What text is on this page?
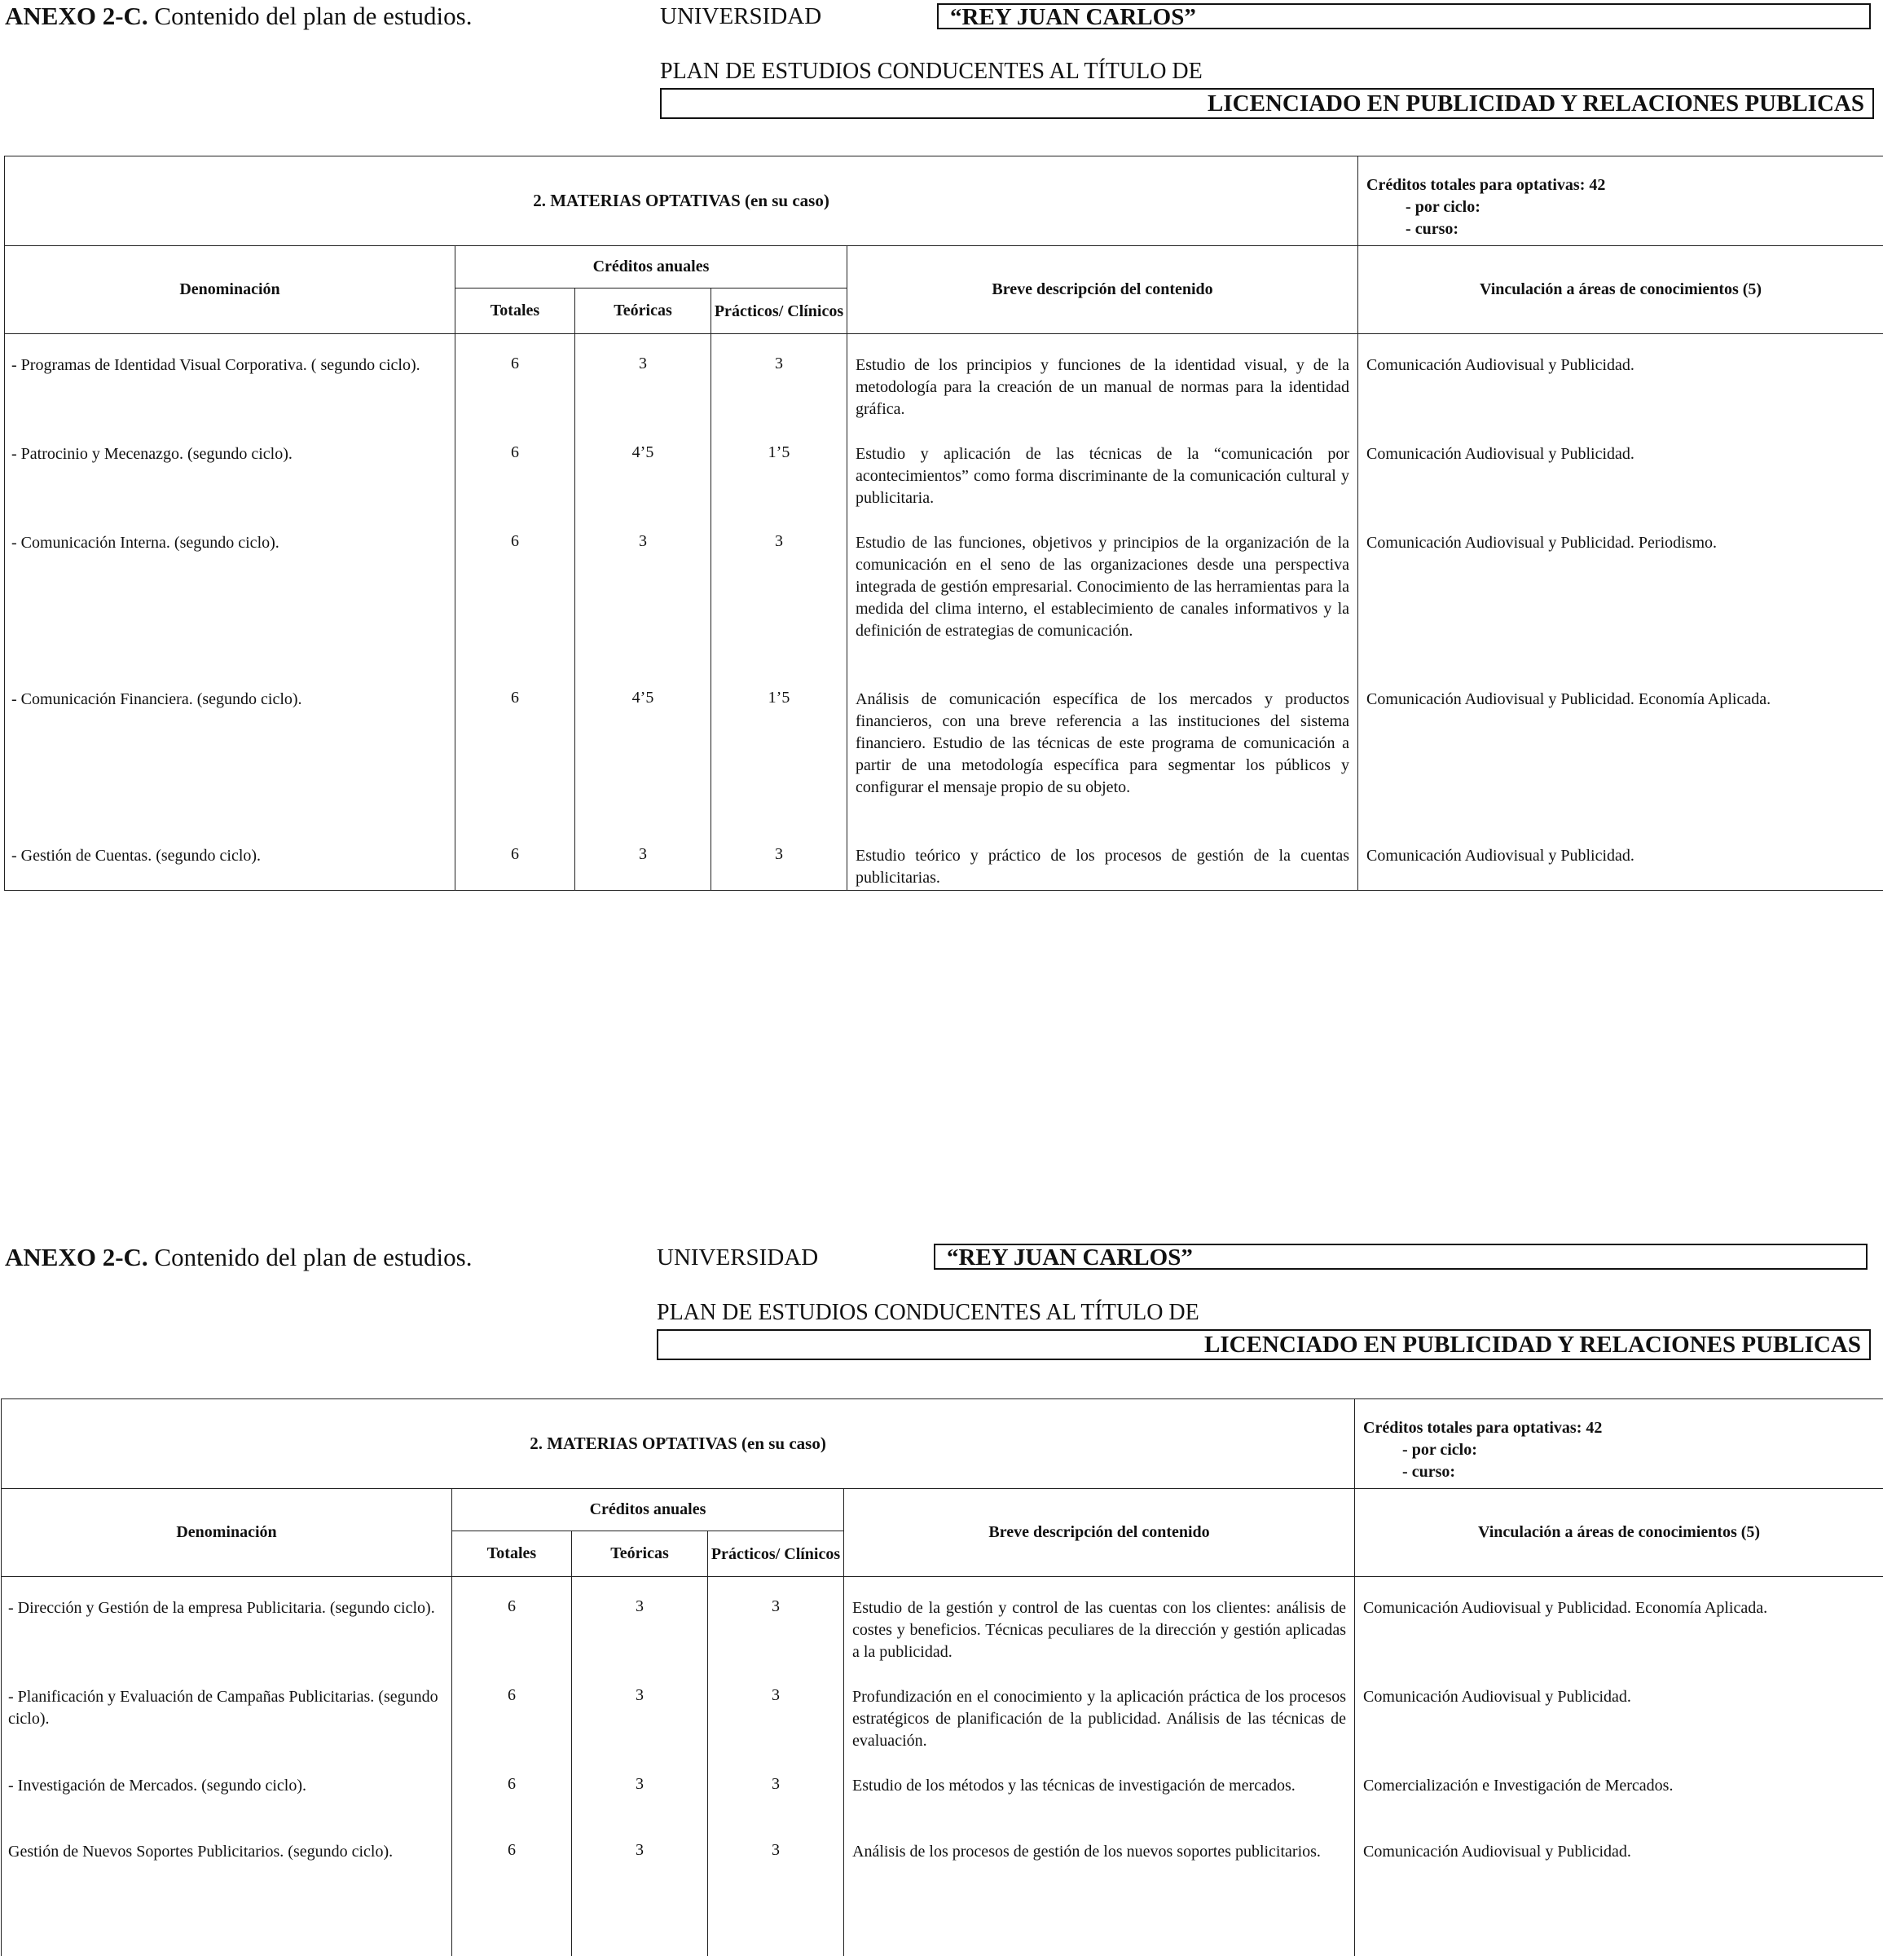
ANEXO 2-C. Contenido del plan de estudios.	UNIVERSIDAD	“REY JUAN CARLOS”
PLAN DE ESTUDIOS CONDUCENTES AL TÍTULO DE
LICENCIADO EN PUBLICIDAD Y RELACIONES PUBLICAS
2. MATERIAS OPTATIVAS (en su caso)					Créditos totales para optativas: 42
- por ciclo:
- curso:

Denominación	Créditos anuales			Breve descripción del contenido	Vinculación a áreas de conocimientos (5)
	Totales	Teóricas	Prácticos/ Clínicos		
- Programas de Identidad Visual Corporativa. ( segundo ciclo).	6	3	3	Estudio de los principios y funciones de la identidad visual, y de la metodología para la creación de un manual de normas para la identidad gráfica.	Comunicación Audiovisual y Publicidad.
- Patrocinio y Mecenazgo. (segundo ciclo).	6	4’5	1’5	Estudio y aplicación de las técnicas de la “comunicación por acontecimientos” como forma discriminante de la comunicación cultural y publicitaria.	Comunicación Audiovisual y Publicidad.
- Comunicación Interna. (segundo ciclo).	6	3	3	Estudio de las funciones, objetivos y principios de la organización de la comunicación en el seno de las organizaciones desde una perspectiva integrada de gestión empresarial. Conocimiento de las herramientas para la medida del clima interno, el establecimiento de canales informativos y la definición de estrategias de comunicación.	Comunicación Audiovisual y Publicidad. Periodismo.
- Comunicación Financiera. (segundo ciclo).	6	4’5	1’5	Análisis de comunicación específica de los mercados y productos financieros, con una breve referencia a las instituciones del sistema financiero. Estudio de las técnicas de este programa de comunicación a partir de una metodología específica para segmentar los públicos y configurar el mensaje propio de su objeto.	Comunicación Audiovisual y Publicidad. Economía Aplicada.
- Gestión de Cuentas. (segundo ciclo).	6	3	3	Estudio teórico y práctico de los procesos de gestión de la cuentas publicitarias.	Comunicación Audiovisual y Publicidad.
ANEXO 2-C. Contenido del plan de estudios.	UNIVERSIDAD	“REY JUAN CARLOS”
PLAN DE ESTUDIOS CONDUCENTES AL TÍTULO DE
LICENCIADO EN PUBLICIDAD Y RELACIONES PUBLICAS
2. MATERIAS OPTATIVAS (en su caso)					Créditos totales para optativas: 42
- por ciclo:
- curso:

Denominación	Créditos anuales			Breve descripción del contenido	Vinculación a áreas de conocimientos (5)
	Totales	Teóricas	Prácticos/ Clínicos		
- Dirección y Gestión de la empresa Publicitaria. (segundo ciclo).	6	3	3	Estudio de la gestión y control de las cuentas con los clientes: análisis de costes y beneficios. Técnicas peculiares de la dirección y gestión aplicadas a la publicidad.	Comunicación Audiovisual y Publicidad. Economía Aplicada.
- Planificación y Evaluación de Campañas Publicitarias. (segundo ciclo).	6	3	3	Profundización en el conocimiento y la aplicación práctica de los procesos estratégicos de planificación de la publicidad. Análisis de las técnicas de evaluación.	Comunicación Audiovisual y Publicidad.
- Investigación de Mercados. (segundo ciclo).	6	3	3	Estudio de los métodos y las técnicas de investigación de mercados.	Comercialización e Investigación de Mercados.
Gestión de Nuevos Soportes Publicitarios. (segundo ciclo).	6	3	3	Análisis de los procesos de gestión de los nuevos soportes publicitarios.	Comunicación Audiovisual y Publicidad.
